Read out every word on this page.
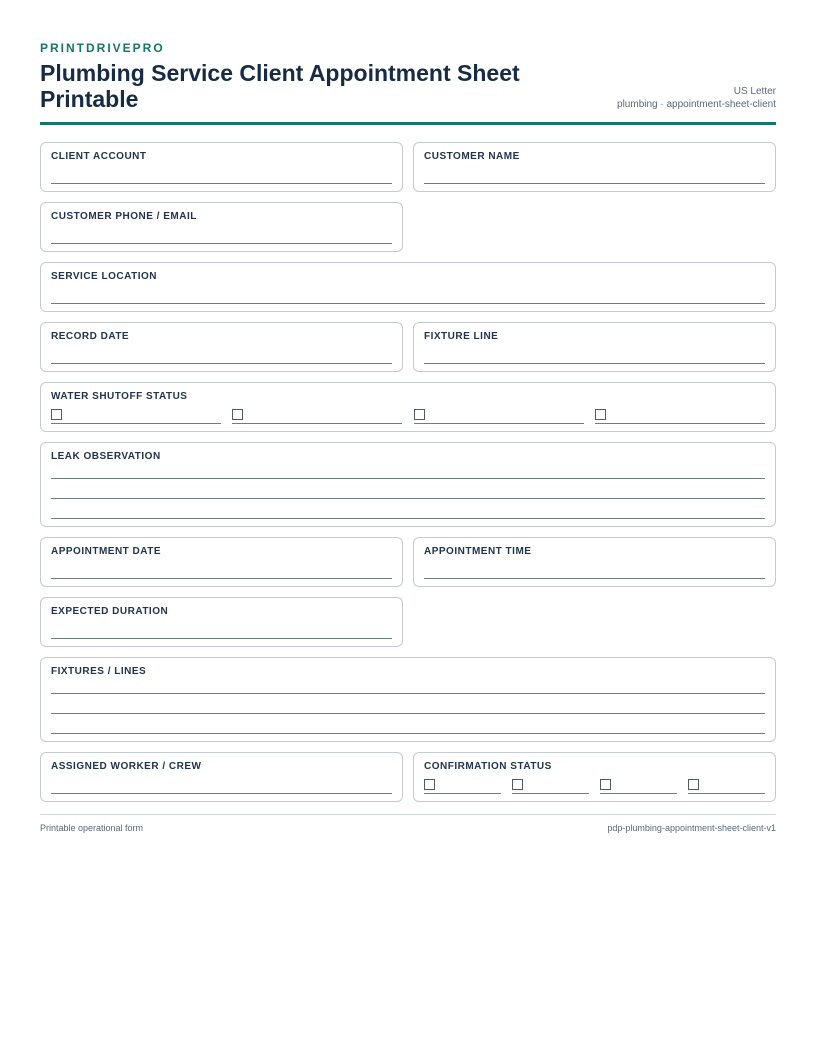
PRINTDRIVEPRO
Plumbing Service Client Appointment Sheet Printable	US Letter
plumbing · appointment-sheet-client
CLIENT ACCOUNT	CUSTOMER NAME
CUSTOMER PHONE / EMAIL
SERVICE LOCATION
RECORD DATE	FIXTURE LINE
WATER SHUTOFF STATUS
LEAK OBSERVATION
APPOINTMENT DATE	APPOINTMENT TIME
EXPECTED DURATION
FIXTURES / LINES
ASSIGNED WORKER / CREW	CONFIRMATION STATUS
Printable operational form	pdp-plumbing-appointment-sheet-client-v1
